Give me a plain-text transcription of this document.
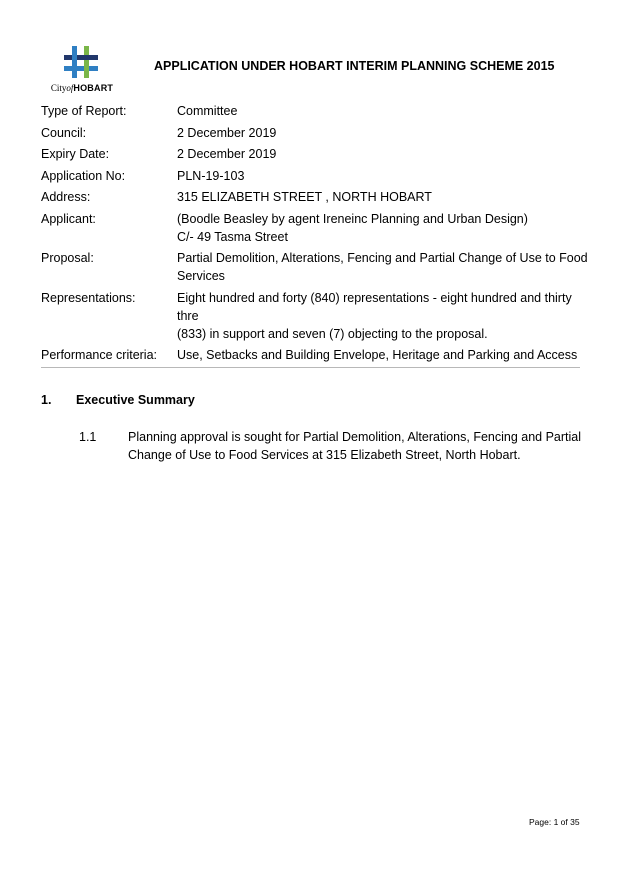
CityofHOBART
APPLICATION UNDER HOBART INTERIM PLANNING SCHEME 2015
Type of Report:	Committee
Council:	2 December 2019
Expiry Date:	2 December 2019
Application No:	PLN-19-103
Address:	315 ELIZABETH STREET , NORTH HOBART
Applicant:	(Boodle Beasley by agent Ireneinc Planning and Urban Design)
C/- 49 Tasma Street
Proposal:	Partial Demolition, Alterations, Fencing and Partial Change of Use to Food
Services
Representations:	Eight hundred and forty (840) representations - eight hundred and thirty thre
(833) in support and seven (7) objecting to the proposal.
Performance criteria:	Use, Setbacks and Building Envelope, Heritage and Parking and Access
1. Executive Summary
1.1	Planning approval is sought for Partial Demolition, Alterations, Fencing and Partial
Change of Use to Food Services at 315 Elizabeth Street, North Hobart.
Page: 1 of 35
